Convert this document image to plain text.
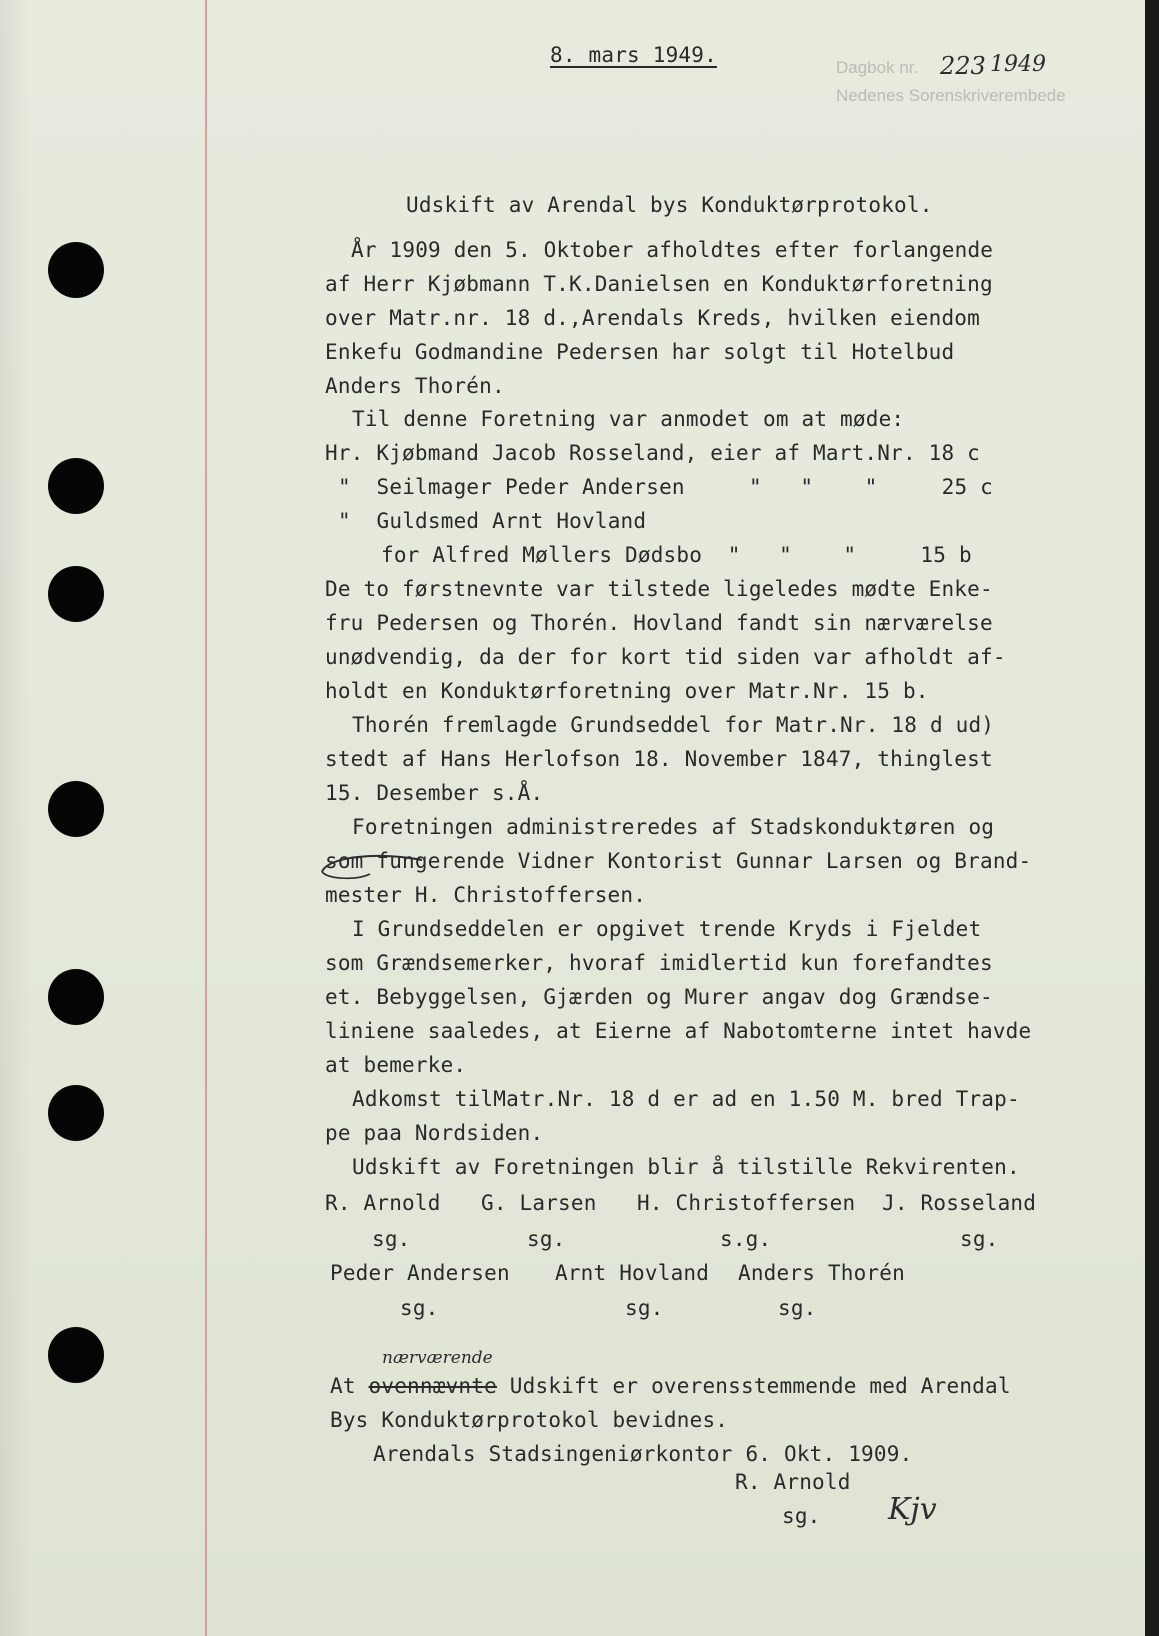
8. mars 1949.
Dagbok nr. 223 1949
Nedenes Sorenskriverembede
Udskift av Arendal bys Konduktørprotokol.
År 1909 den 5. Oktober afholdtes efter forlangende
af Herr Kjøbmann T.K.Danielsen en Konduktørforetning
over Matr.nr. 18 d.,Arendals Kreds, hvilken eiendom
Enkefu Godmandine Pedersen har solgt til Hotelbud
Anders Thorén.
Til denne Foretning var anmodet om at møde:
Hr. Kjøbmand Jacob Rosseland, eier af Mart.Nr. 18 c
"  Seilmager Peder Andersen     "   "    "     25 c
"  Guldsmed Arnt Hovland
for Alfred Møllers Dødsbo  "   "    "     15 b
De to førstnevnte var tilstede ligeledes mødte Enke-
fru Pedersen og Thorén. Hovland fandt sin nærværelse
unødvendig, da der for kort tid siden var afholdt af-
holdt en Konduktørforetning over Matr.Nr. 15 b.
Thorén fremlagde Grundseddel for Matr.Nr. 18 d ud)
stedt af Hans Herlofson 18. November 1847, thinglest
15. Desember s.Å.
Foretningen administreredes af Stadskonduktøren og
som fungerende Vidner Kontorist Gunnar Larsen og Brand-
mester H. Christoffersen.
I Grundseddelen er opgivet trende Kryds i Fjeldet
som Grændsemerker, hvoraf imidlertid kun forefandtes
et. Bebyggelsen, Gjærden og Murer angav dog Grændse-
liniene saaledes, at Eierne af Nabotomterne intet havde
at bemerke.
Adkomst tilMatr.Nr. 18 d er ad en 1.50 M. bred Trap-
pe paa Nordsiden.
Udskift av Foretningen blir å tilstille Rekvirenten.
R. Arnold G. Larsen H. Christoffersen J. Rosseland
sg.	sg.	s.g.	sg.
Peder Andersen Arnt Hovland Anders Thorén
sg.	sg.	sg.
nærværende
At ovennævnte Udskift er overensstemmende med Arendal
Bys Konduktørprotokol bevidnes.
Arendals Stadsingeniørkontor 6. Okt. 1909.
R. Arnold
sg. Kjv
